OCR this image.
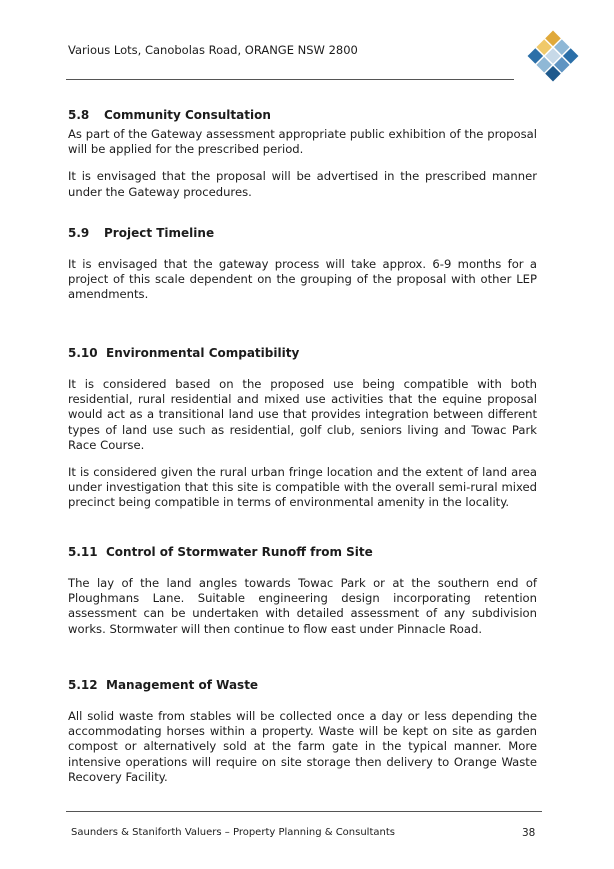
Various Lots, Canobolas Road, ORANGE NSW 2800
5.8 Community Consultation

As part of the Gateway assessment appropriate public exhibition of the proposal will be applied for the prescribed period.

It is envisaged that the proposal will be advertised in the prescribed manner under the Gateway procedures.

5.9 Project Timeline

It is envisaged that the gateway process will take approx. 6-9 months for a project of this scale dependent on the grouping of the proposal with other LEP amendments.

5.10 Environmental Compatibility

It is considered based on the proposed use being compatible with both residential, rural residential and mixed use activities that the equine proposal would act as a transitional land use that provides integration between different types of land use such as residential, golf club, seniors living and Towac Park Race Course.

It is considered given the rural urban fringe location and the extent of land area under investigation that this site is compatible with the overall semi-rural mixed precinct being compatible in terms of environmental amenity in the locality.

5.11 Control of Stormwater Runoff from Site

The lay of the land angles towards Towac Park or at the southern end of Ploughmans Lane. Suitable engineering design incorporating retention assessment can be undertaken with detailed assessment of any subdivision works. Stormwater will then continue to flow east under Pinnacle Road.

5.12 Management of Waste

All solid waste from stables will be collected once a day or less depending the accommodating horses within a property. Waste will be kept on site as garden compost or alternatively sold at the farm gate in the typical manner. More intensive operations will require on site storage then delivery to Orange Waste Recovery Facility.

Saunders & Staniforth Valuers – Property Planning & Consultants	38
